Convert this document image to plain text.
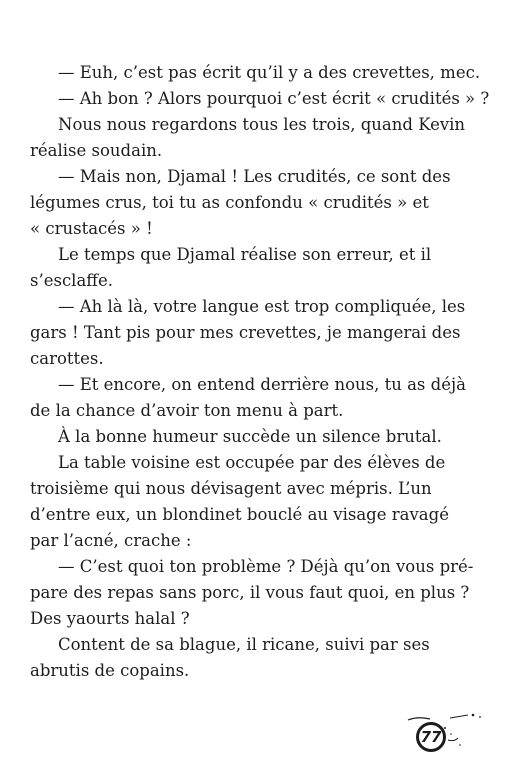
— Euh, c’est pas écrit qu’il y a des crevettes, mec.
— Ah bon ? Alors pourquoi c’est écrit « crudités » ?
Nous nous regardons tous les trois, quand Kevin
réalise soudain.
— Mais non, Djamal ! Les crudités, ce sont des
légumes crus, toi tu as confondu « crudités » et
« crustacés » !
Le temps que Djamal réalise son erreur, et il
s’esclaffe.
— Ah là là, votre langue est trop compliquée, les
gars ! Tant pis pour mes crevettes, je mangerai des
carottes.
— Et encore, on entend derrière nous, tu as déjà
de la chance d’avoir ton menu à part.
À la bonne humeur succède un silence brutal.
La table voisine est occupée par des élèves de
troisième qui nous dévisagent avec mépris. L’un
d’entre eux, un blondinet bouclé au visage ravagé
par l’acné, crache :
— C’est quoi ton problème ? Déjà qu’on vous pré-
pare des repas sans porc, il vous faut quoi, en plus ?
Des yaourts halal ?
Content de sa blague, il ricane, suivi par ses
abrutis de copains.
77
